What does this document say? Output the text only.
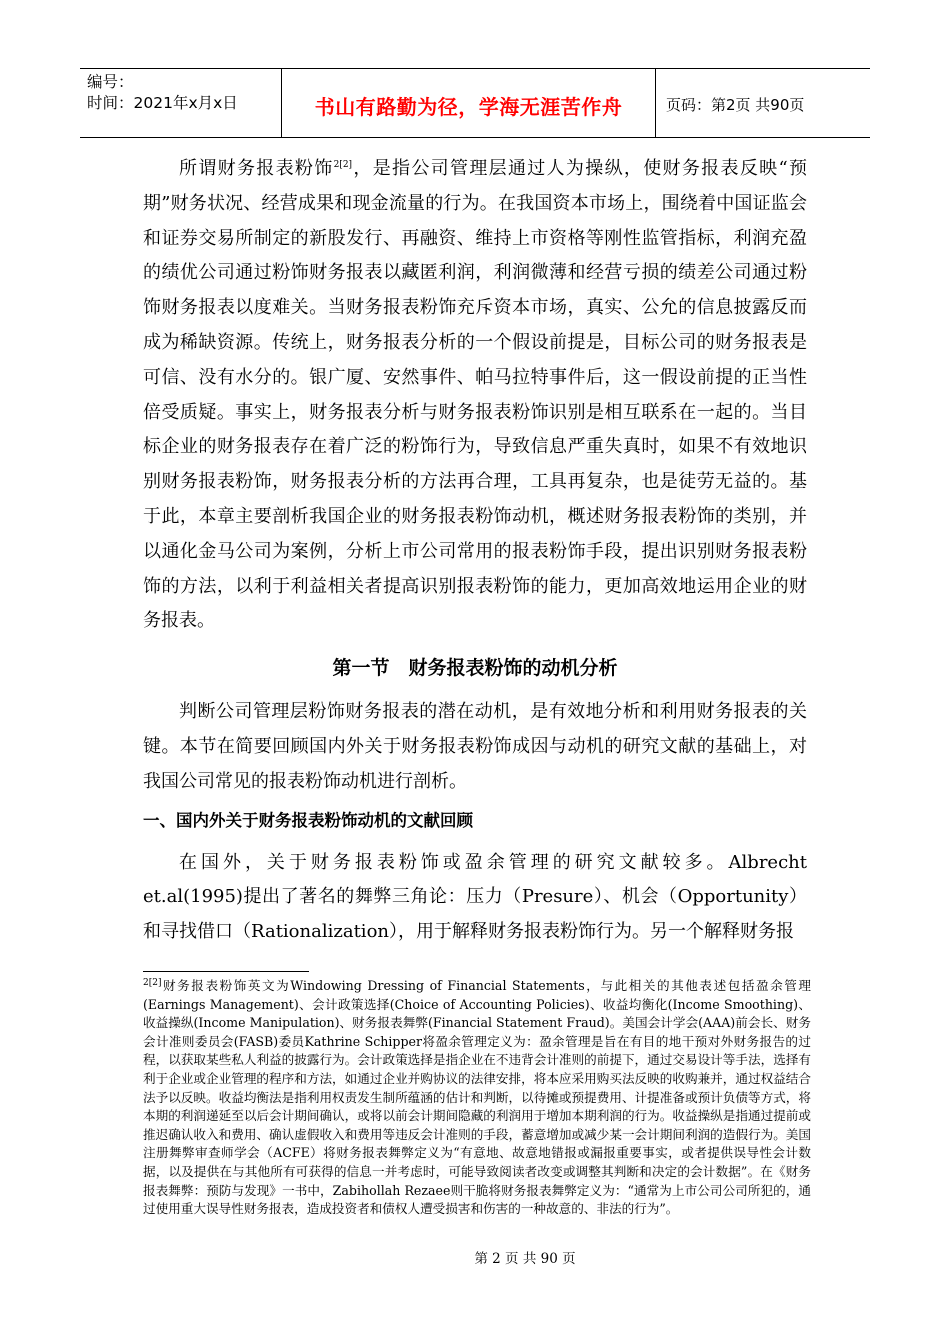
编号：
时间：2021年x月x日	书山有路勤为径，学海无涯苦作舟	页码：第2页 共90页

所谓财务报表粉饰$^{2[2]}$，是指公司管理层通过人为操纵，使财务报表反映“预期”财务状况、经营成果和现金流量的行为。在我国资本市场上，围绕着中国证监会和证券交易所制定的新股发行、再融资、维持上市资格等刚性监管指标，利润充盈的绩优公司通过粉饰财务报表以藏匿利润，利润微薄和经营亏损的绩差公司通过粉饰财务报表以度难关。当财务报表粉饰充斥资本市场，真实、公允的信息披露反而成为稀缺资源。传统上，财务报表分析的一个假设前提是，目标公司的财务报表是可信、没有水分的。银广厦、安然事件、帕马拉特事件后，这一假设前提的正当性倍受质疑。事实上，财务报表分析与财务报表粉饰识别是相互联系在一起的。当目标企业的财务报表存在着广泛的粉饰行为，导致信息严重失真时，如果不有效地识别财务报表粉饰，财务报表分析的方法再合理，工具再复杂，也是徒劳无益的。基于此，本章主要剖析我国企业的财务报表粉饰动机，概述财务报表粉饰的类别，并以通化金马公司为案例，分析上市公司常用的报表粉饰手段，提出识别财务报表粉饰的方法，以利于利益相关者提高识别报表粉饰的能力，更加高效地运用企业的财务报表。

第一节　财务报表粉饰的动机分析

判断公司管理层粉饰财务报表的潜在动机，是有效地分析和利用财务报表的关键。本节在简要回顾国内外关于财务报表粉饰成因与动机的研究文献的基础上，对我国公司常见的报表粉饰动机进行剖析。

一、国内外关于财务报表粉饰动机的文献回顾

在国外，关于财务报表粉饰或盈余管理的研究文献较多。Albrecht et.al(1995)提出了著名的舞弊三角论：压力（Presure）、机会（Opportunity）和寻找借口（Rationalization），用于解释财务报表粉饰行为。另一个解释财务报

$^{2[2]}$财务报表粉饰英文为Windowing Dressing of Financial Statements，与此相关的其他表述包括盈余管理(Earnings Management)、会计政策选择(Choice of Accounting Policies)、收益均衡化(Income Smoothing)、收益操纵(Income Manipulation)、财务报表舞弊(Financial Statement Fraud)。美国会计学会(AAA)前会长、财务会计准则委员会(FASB)委员Kathrine Schipper将盈余管理定义为：盈余管理是旨在有目的地干预对外财务报告的过程，以获取某些私人利益的披露行为。会计政策选择是指企业在不违背会计准则的前提下，通过交易设计等手法，选择有利于企业或企业管理的程序和方法，如通过企业并购协议的法律安排，将本应采用购买法反映的收购兼并，通过权益结合法予以反映。收益均衡法是指利用权责发生制所蕴涵的估计和判断，以待摊或预提费用、计提准备或预计负债等方式，将本期的利润递延至以后会计期间确认，或将以前会计期间隐藏的利润用于增加本期利润的行为。收益操纵是指通过提前或推迟确认收入和费用、确认虚假收入和费用等违反会计准则的手段，蓄意增加或减少某一会计期间利润的造假行为。美国注册舞弊审查师学会（ACFE）将财务报表舞弊定义为“有意地、故意地错报或漏报重要事实，或者提供误导性会计数据，以及提供在与其他所有可获得的信息一并考虑时，可能导致阅读者改变或调整其判断和决定的会计数据”。在《财务报表舞弊：预防与发现》一书中，Zabihollah Rezaee则干脆将财务报表舞弊定义为：“通常为上市公司公司所犯的，通过使用重大误导性财务报表，造成投资者和债权人遭受损害和伤害的一种故意的、非法的行为”。

第 2 页 共 90 页
